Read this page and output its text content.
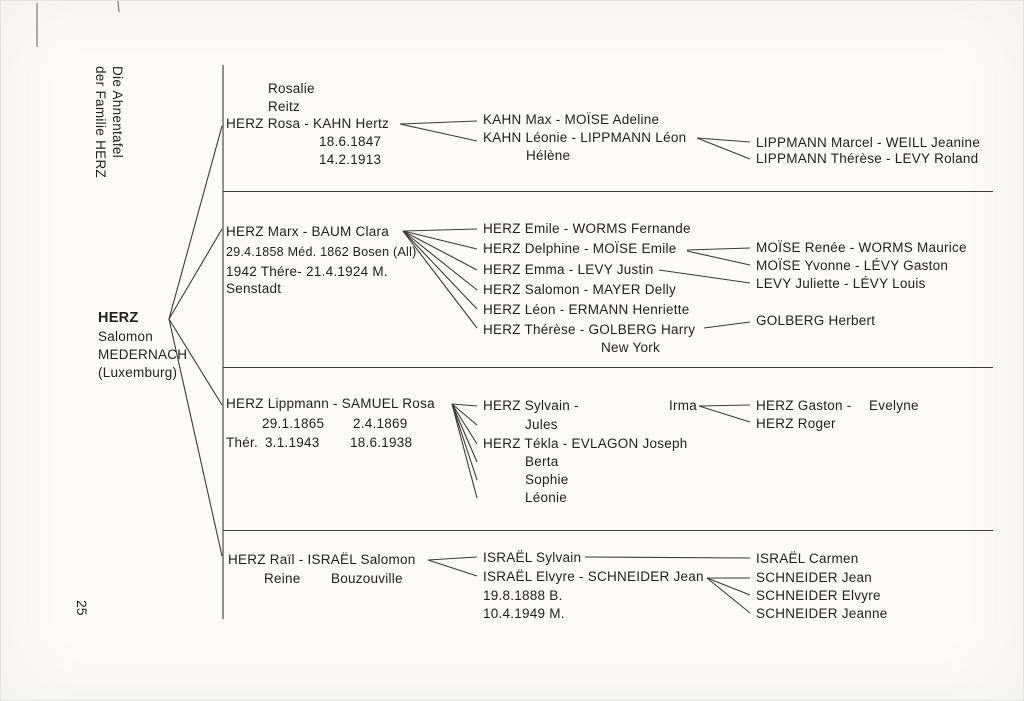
Die Ahnentafel
der Familie HERZ
25
HERZ
Salomon
MEDERNACH
(Luxemburg)
Rosalie
Reitz
HERZ Rosa - KAHN Hertz
18.6.1847
14.2.1913
KAHN Max - MOÏSE Adeline
KAHN Léonie - LIPPMANN Léon
Hélène
LIPPMANN Marcel - WEILL Jeanine
LIPPMANN Thérèse - LEVY Roland
HERZ Marx - BAUM Clara
29.4.1858 Méd. 1862 Bosen (All)
1942 Thére- 21.4.1924 M.
Senstadt
HERZ Emile - WORMS Fernande
HERZ Delphine - MOÏSE Emile
HERZ Emma - LEVY Justin
HERZ Salomon - MAYER Delly
HERZ Léon - ERMANN Henriette
HERZ Thérèse - GOLBERG Harry
New York
MOÏSE Renée - WORMS Maurice
MOÏSE Yvonne - LÉVY Gaston
LEVY Juliette - LÉVY Louis
GOLBERG Herbert
HERZ Lippmann - SAMUEL Rosa
29.1.1865 2.4.1869
Thér. 3.1.1943 18.6.1938
HERZ Sylvain -	Irma
Jules
HERZ Tékla - EVLAGON Joseph
Berta
Sophie
Léonie
HERZ Gaston - Evelyne
HERZ Roger
HERZ Raïl - ISRAËL Salomon
Reine Bouzouville
ISRAËL Sylvain
ISRAËL Elvyre - SCHNEIDER Jean
19.8.1888 B.
10.4.1949 M.
ISRAËL Carmen
SCHNEIDER Jean
SCHNEIDER Elvyre
SCHNEIDER Jeanne
